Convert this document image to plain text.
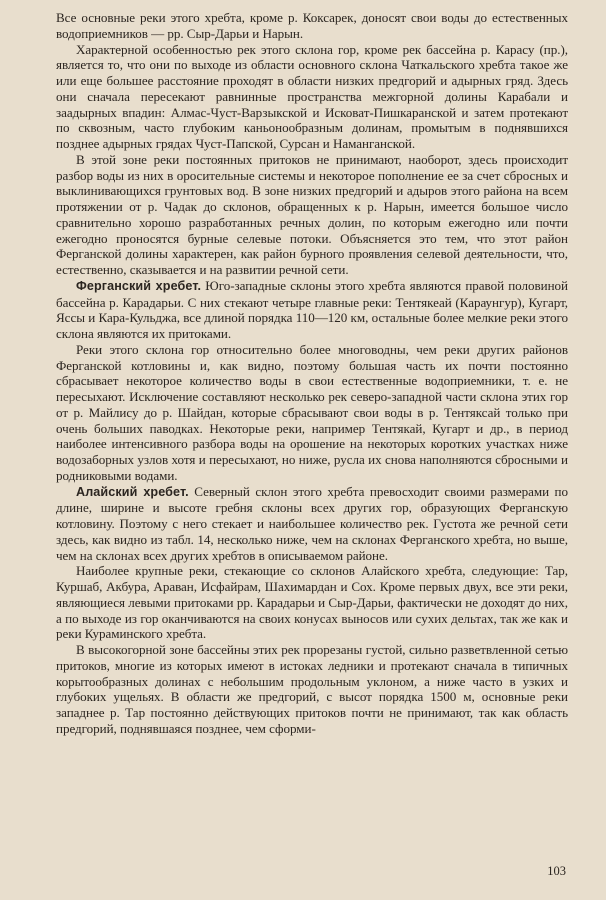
Все основные реки этого хребта, кроме р. Коксарек, доносят свои воды до естественных водоприемников — рр. Сыр-Дарьи и Нарын.

Характерной особенностью рек этого склона гор, кроме рек бассейна р. Карасу (пр.), является то, что они по выходе из области основного склона Чаткальского хребта такое же или еще большее расстояние проходят в области низких предгорий и адырных гряд. Здесь они сначала пересекают равнинные пространства межгорной долины Карабали и заадырных впадин: Алмас-Чуст-Варзыкской и Исковат-Пишкаранской и затем протекают по сквозным, часто глубоким каньонообразным долинам, промытым в поднявшихся позднее адырных грядах Чуст-Папской, Сурсан и Наманганской.

В этой зоне реки постоянных притоков не принимают, наоборот, здесь происходит разбор воды из них в оросительные системы и некоторое пополнение ее за счет сбросных и выклинивающихся грунтовых вод. В зоне низких предгорий и адыров этого района на всем протяжении от р. Чадак до склонов, обращенных к р. Нарын, имеется большое число сравнительно хорошо разработанных речных долин, по которым ежегодно или почти ежегодно проносятся бурные селевые потоки. Объясняется это тем, что этот район Ферганской долины характерен, как район бурного проявления селевой деятельности, что, естественно, сказывается и на развитии речной сети.

Ферганский хребет. Юго-западные склоны этого хребта являются правой половиной бассейна р. Карадарьи. С них стекают четыре главные реки: Тентякеай (Караунгур), Кугарт, Яссы и Кара-Кульджа, все длиной порядка 110—120 км, остальные более мелкие реки этого склона являются их притоками.

Реки этого склона гор относительно более многоводны, чем реки других районов Ферганской котловины и, как видно, поэтому большая часть их почти постоянно сбрасывает некоторое количество воды в свои естественные водоприемники, т. е. не пересыхают. Исключение составляют несколько рек северо-западной части склона этих гор от р. Майлису до р. Шайдан, которые сбрасывают свои воды в р. Тентяксай только при очень больших паводках. Некоторые реки, например Тентякай, Кугарт и др., в период наиболее интенсивного разбора воды на орошение на некоторых коротких участках ниже водозаборных узлов хотя и пересыхают, но ниже, русла их снова наполняются сбросными и родниковыми водами.

Алайский хребет. Северный склон этого хребта превосходит своими размерами по длине, ширине и высоте гребня склоны всех других гор, образующих Ферганскую котловину. Поэтому с него стекает и наибольшее количество рек. Густота же речной сети здесь, как видно из табл. 14, несколько ниже, чем на склонах Ферганского хребта, но выше, чем на склонах всех других хребтов в описываемом районе.

Наиболее крупные реки, стекающие со склонов Алайского хребта, следующие: Тар, Куршаб, Акбура, Араван, Исфайрам, Шахимардан и Сох. Кроме первых двух, все эти реки, являющиеся левыми притоками рр. Карадарьи и Сыр-Дарьи, фактически не доходят до них, а по выходе из гор оканчиваются на своих конусах выносов или сухих дельтах, так же как и реки Кураминского хребта.

В высокогорной зоне бассейны этих рек прорезаны густой, сильно разветвленной сетью притоков, многие из которых имеют в истоках ледники и протекают сначала в типичных корытообразных долинах с небольшим продольным уклоном, а ниже часто в узких и глубоких ущельях. В области же предгорий, с высот порядка 1500 м, основные реки западнее р. Тар постоянно действующих притоков почти не принимают, так как область предгорий, поднявшаяся позднее, чем сформи-

103
